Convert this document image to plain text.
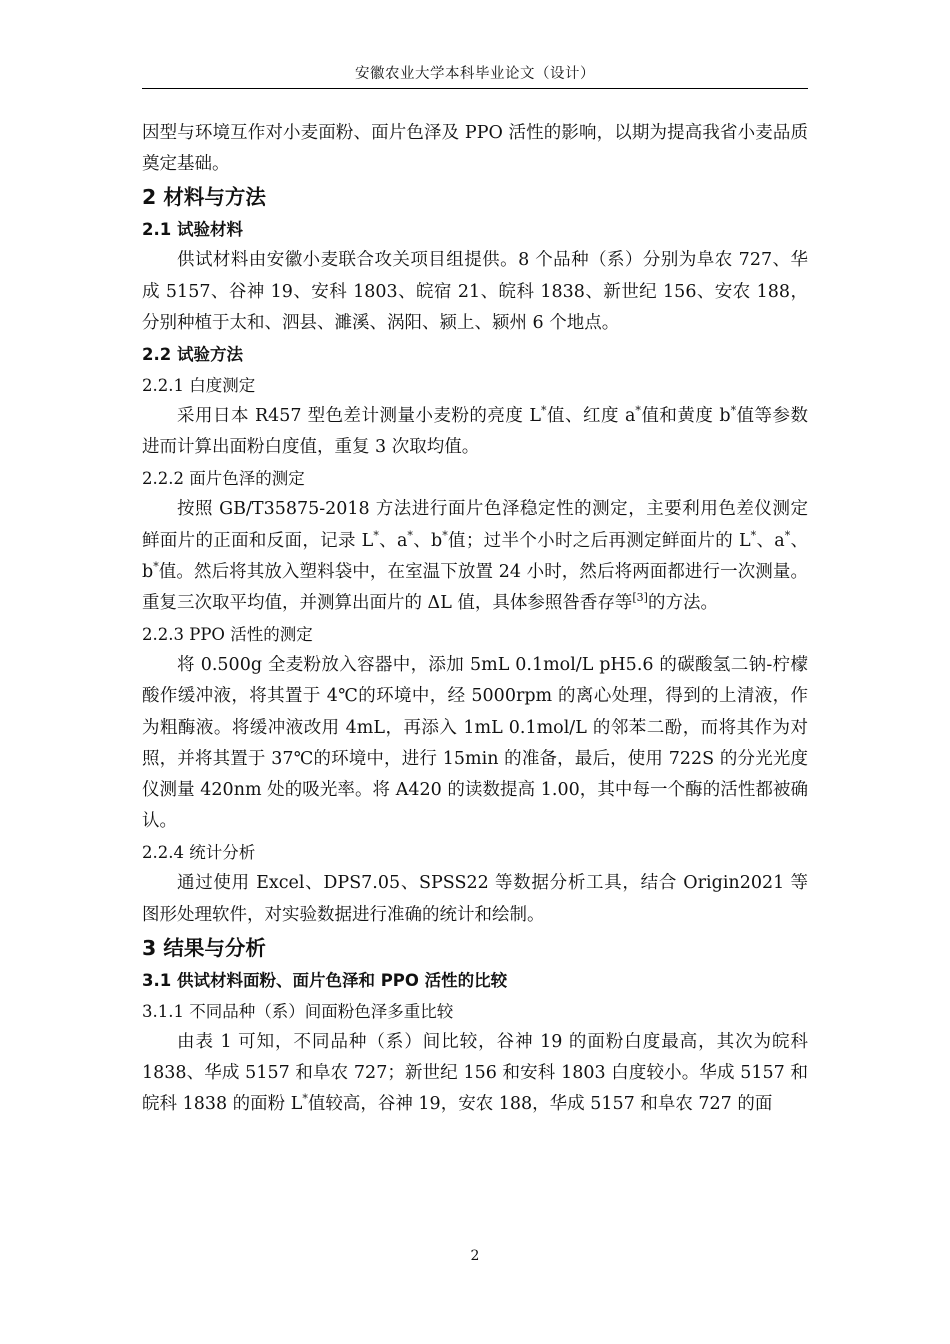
安徽农业大学本科毕业论文（设计）

因型与环境互作对小麦面粉、面片色泽及 PPO 活性的影响，以期为提高我省小麦品质奠定基础。

2 材料与方法

2.1 试验材料

供试材料由安徽小麦联合攻关项目组提供。8 个品种（系）分别为阜农 727、华成 5157、谷神 19、安科 1803、皖宿 21、皖科 1838、新世纪 156、安农 188，分别种植于太和、泗县、濉溪、涡阳、颍上、颍州 6 个地点。

2.2 试验方法

2.2.1 白度测定

采用日本 R457 型色差计测量小麦粉的亮度 L*值、红度 a*值和黄度 b*值等参数进而计算出面粉白度值，重复 3 次取均值。

2.2.2 面片色泽的测定

按照 GB/T35875-2018 方法进行面片色泽稳定性的测定，主要利用色差仪测定鲜面片的正面和反面，记录 L*、a*、b*值；过半个小时之后再测定鲜面片的 L*、a*、b*值。然后将其放入塑料袋中，在室温下放置 24 小时，然后将两面都进行一次测量。重复三次取平均值，并测算出面片的 ΔL 值，具体参照昝香存等[3]的方法。

2.2.3 PPO 活性的测定

将 0.500g 全麦粉放入容器中，添加 5mL 0.1mol/L pH5.6 的碳酸氢二钠-柠檬酸作缓冲液，将其置于 4℃的环境中，经 5000rpm 的离心处理，得到的上清液，作为粗酶液。将缓冲液改用 4mL，再添入 1mL 0.1mol/L 的邻苯二酚，而将其作为对照，并将其置于 37℃的环境中，进行 15min 的准备，最后，使用 722S 的分光光度仪测量 420nm 处的吸光率。将 A420 的读数提高 1.00，其中每一个酶的活性都被确认。

2.2.4 统计分析

通过使用 Excel、DPS7.05、SPSS22 等数据分析工具，结合 Origin2021 等图形处理软件，对实验数据进行准确的统计和绘制。

3 结果与分析

3.1 供试材料面粉、面片色泽和 PPO 活性的比较

3.1.1 不同品种（系）间面粉色泽多重比较

由表 1 可知，不同品种（系）间比较，谷神 19 的面粉白度最高，其次为皖科 1838、华成 5157 和阜农 727；新世纪 156 和安科 1803 白度较小。华成 5157 和皖科 1838 的面粉 L*值较高，谷神 19，安农 188，华成 5157 和阜农 727 的面

2
